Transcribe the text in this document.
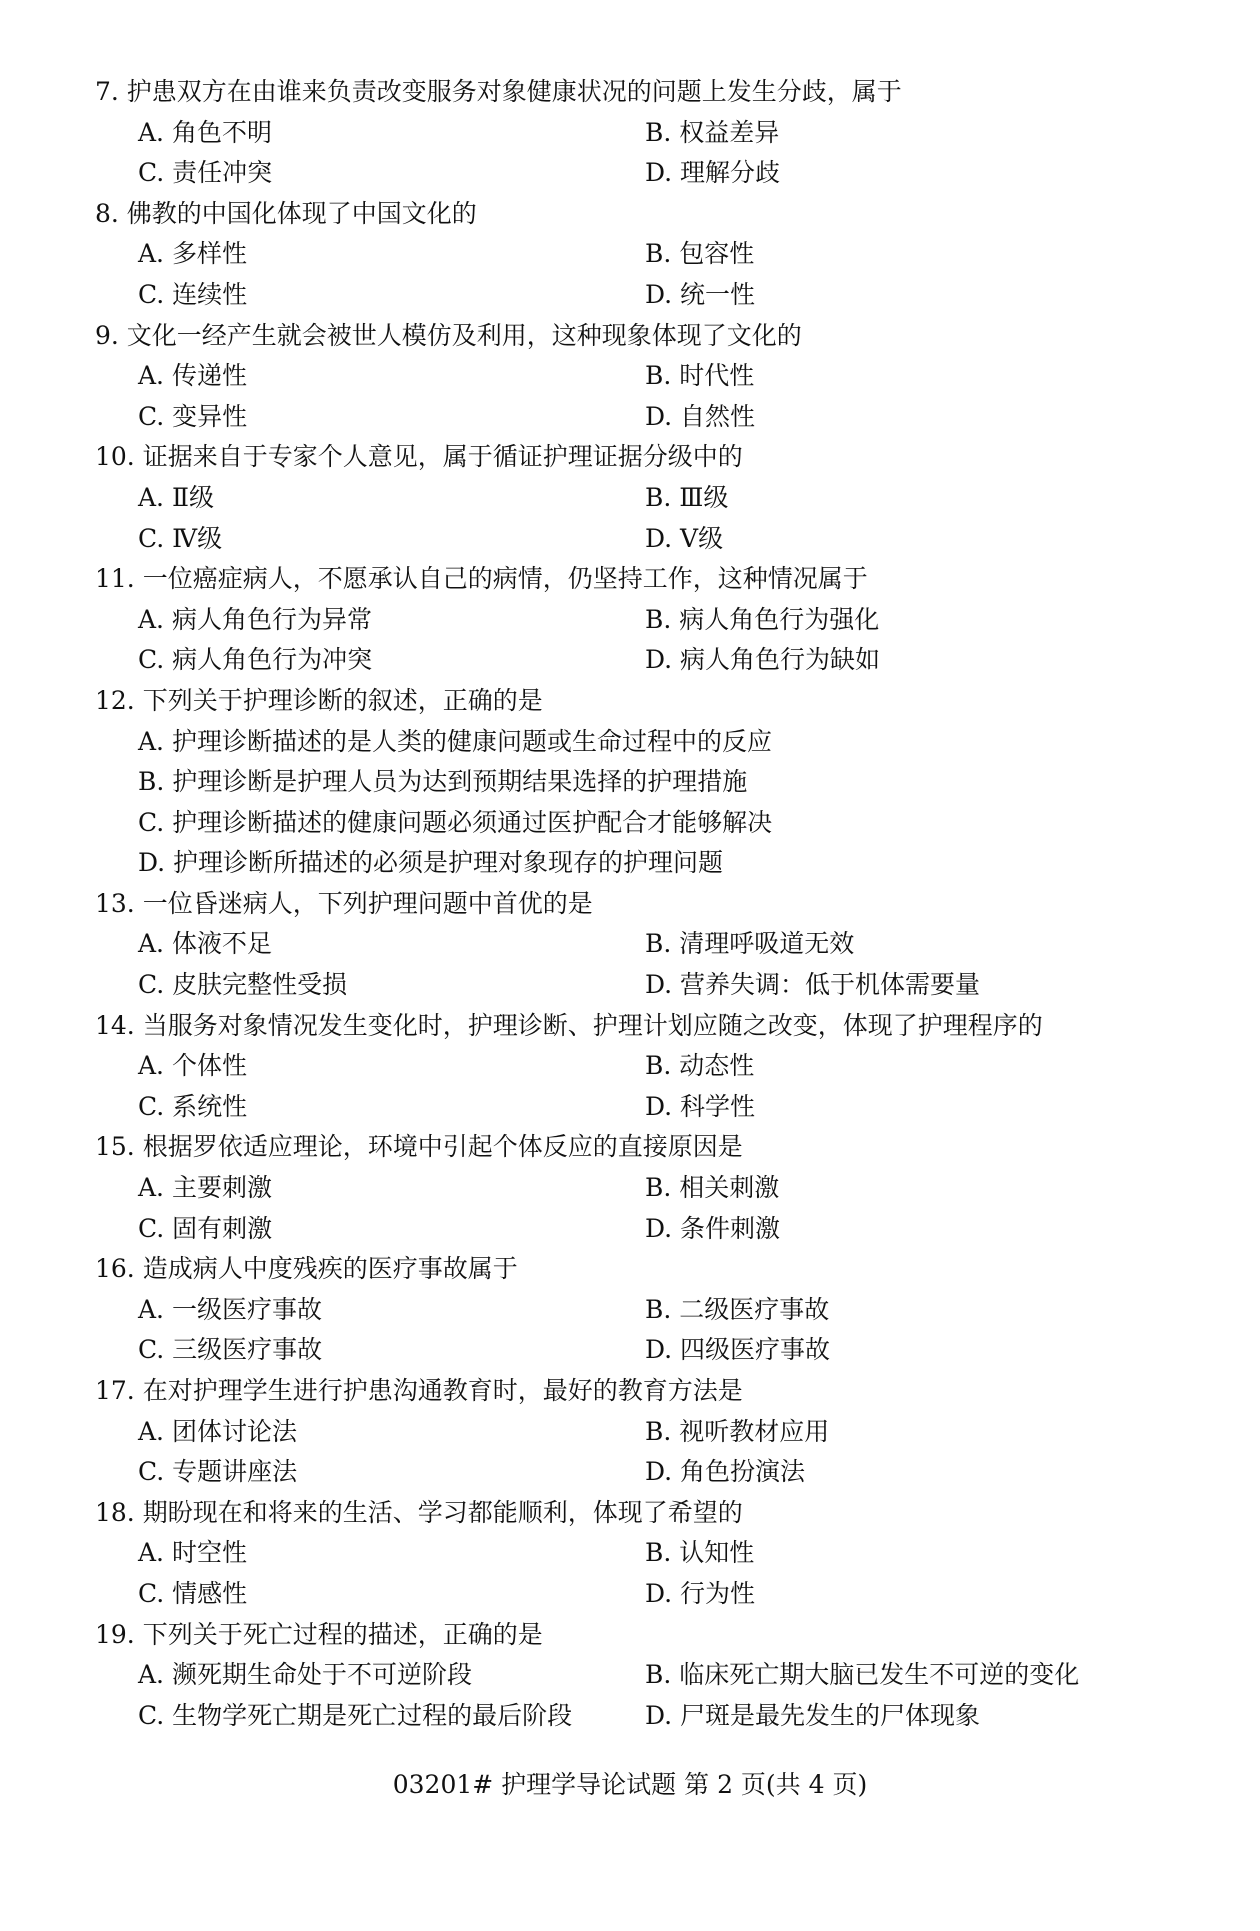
7. 护患双方在由谁来负责改变服务对象健康状况的问题上发生分歧，属于
A. 角色不明	B. 权益差异
C. 责任冲突	D. 理解分歧
8. 佛教的中国化体现了中国文化的
A. 多样性	B. 包容性
C. 连续性	D. 统一性
9. 文化一经产生就会被世人模仿及利用，这种现象体现了文化的
A. 传递性	B. 时代性
C. 变异性	D. 自然性
10. 证据来自于专家个人意见，属于循证护理证据分级中的
A. Ⅱ级	B. Ⅲ级
C. Ⅳ级	D. Ⅴ级
11. 一位癌症病人，不愿承认自己的病情，仍坚持工作，这种情况属于
A. 病人角色行为异常	B. 病人角色行为强化
C. 病人角色行为冲突	D. 病人角色行为缺如
12. 下列关于护理诊断的叙述，正确的是
A. 护理诊断描述的是人类的健康问题或生命过程中的反应
B. 护理诊断是护理人员为达到预期结果选择的护理措施
C. 护理诊断描述的健康问题必须通过医护配合才能够解决
D. 护理诊断所描述的必须是护理对象现存的护理问题
13. 一位昏迷病人，下列护理问题中首优的是
A. 体液不足	B. 清理呼吸道无效
C. 皮肤完整性受损	D. 营养失调：低于机体需要量
14. 当服务对象情况发生变化时，护理诊断、护理计划应随之改变，体现了护理程序的
A. 个体性	B. 动态性
C. 系统性	D. 科学性
15. 根据罗依适应理论，环境中引起个体反应的直接原因是
A. 主要刺激	B. 相关刺激
C. 固有刺激	D. 条件刺激
16. 造成病人中度残疾的医疗事故属于
A. 一级医疗事故	B. 二级医疗事故
C. 三级医疗事故	D. 四级医疗事故
17. 在对护理学生进行护患沟通教育时，最好的教育方法是
A. 团体讨论法	B. 视听教材应用
C. 专题讲座法	D. 角色扮演法
18. 期盼现在和将来的生活、学习都能顺利，体现了希望的
A. 时空性	B. 认知性
C. 情感性	D. 行为性
19. 下列关于死亡过程的描述，正确的是
A. 濒死期生命处于不可逆阶段	B. 临床死亡期大脑已发生不可逆的变化
C. 生物学死亡期是死亡过程的最后阶段	D. 尸斑是最先发生的尸体现象
03201# 护理学导论试题 第 2 页(共 4 页)
